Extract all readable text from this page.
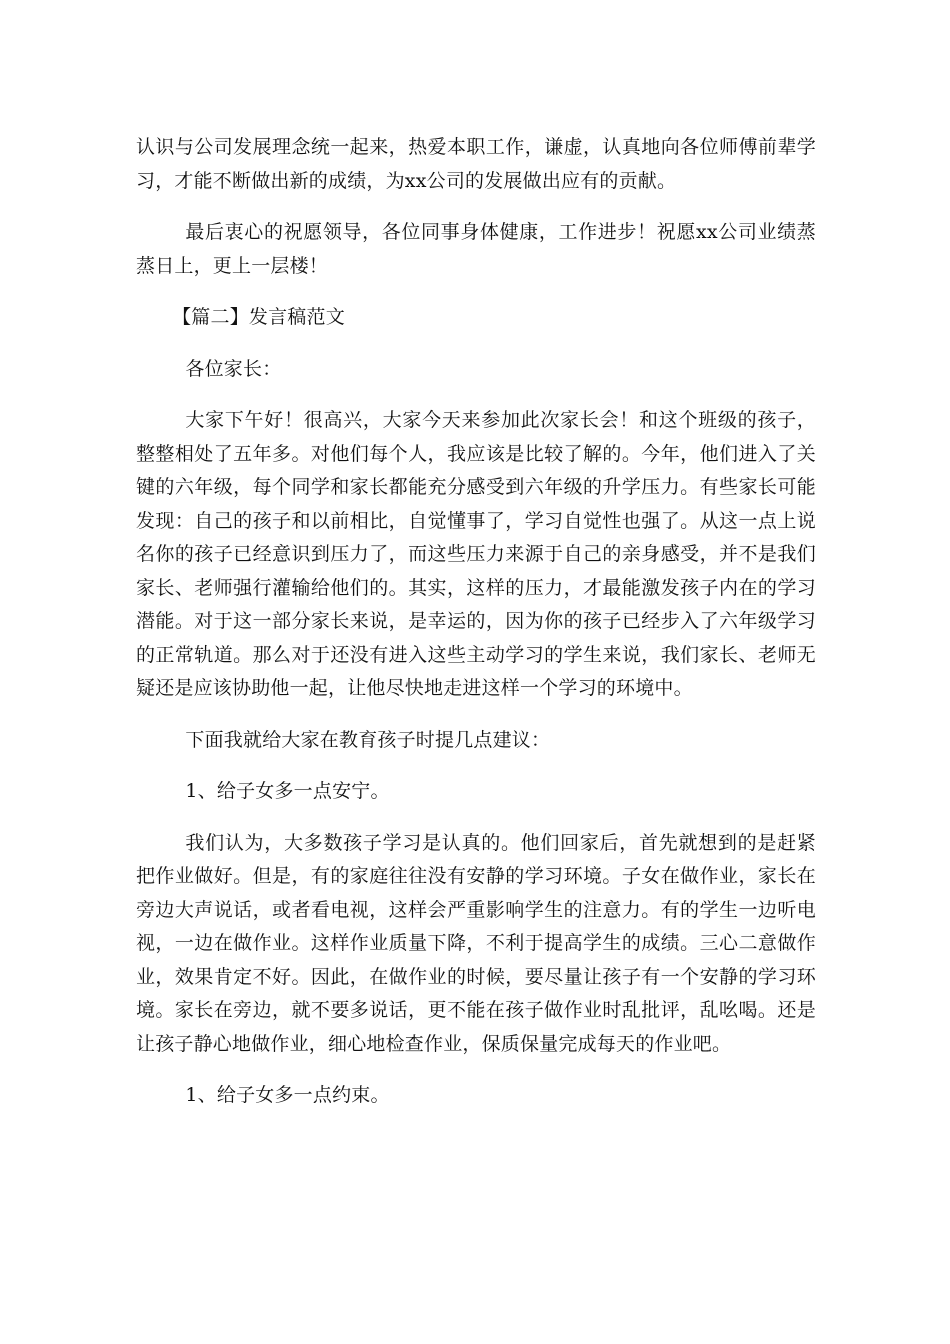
认识与公司发展理念统一起来，热爱本职工作，谦虚，认真地向各位师傅前辈学习，才能不断做出新的成绩，为xx公司的发展做出应有的贡献。

最后衷心的祝愿领导，各位同事身体健康，工作进步！祝愿xx公司业绩蒸蒸日上，更上一层楼！

【篇二】发言稿范文

各位家长：

大家下午好！很高兴，大家今天来参加此次家长会！和这个班级的孩子，整整相处了五年多。对他们每个人，我应该是比较了解的。今年，他们进入了关键的六年级，每个同学和家长都能充分感受到六年级的升学压力。有些家长可能发现：自己的孩子和以前相比，自觉懂事了，学习自觉性也强了。从这一点上说名你的孩子已经意识到压力了，而这些压力来源于自己的亲身感受，并不是我们家长、老师强行灌输给他们的。其实，这样的压力，才最能激发孩子内在的学习潜能。对于这一部分家长来说，是幸运的，因为你的孩子已经步入了六年级学习的正常轨道。那么对于还没有进入这些主动学习的学生来说，我们家长、老师无疑还是应该协助他一起，让他尽快地走进这样一个学习的环境中。

下面我就给大家在教育孩子时提几点建议：

1、给子女多一点安宁。

我们认为，大多数孩子学习是认真的。他们回家后，首先就想到的是赶紧把作业做好。但是，有的家庭往往没有安静的学习环境。子女在做作业，家长在旁边大声说话，或者看电视，这样会严重影响学生的注意力。有的学生一边听电视，一边在做作业。这样作业质量下降，不利于提高学生的成绩。三心二意做作业，效果肯定不好。因此，在做作业的时候，要尽量让孩子有一个安静的学习环境。家长在旁边，就不要多说话，更不能在孩子做作业时乱批评，乱吆喝。还是让孩子静心地做作业，细心地检查作业，保质保量完成每天的作业吧。

1、给子女多一点约束。
